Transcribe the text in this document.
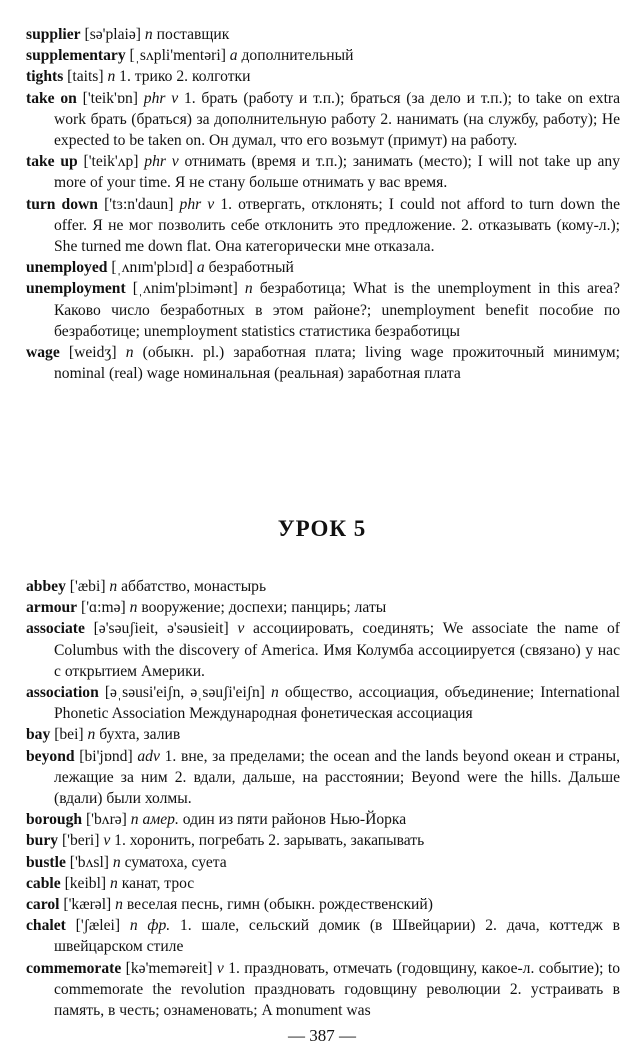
supplier [sə'plaiə] n поставщик

supplementary [ˌsʌpli'mentəri] a дополнительный

tights [taits] n 1. трико 2. колготки

take on ['teik'ɒn] phr v 1. брать (работу и т.п.); браться (за дело и т.п.); to take on extra work брать (браться) за дополнительную работу 2. нанимать (на службу, работу); He expected to be taken on. Он думал, что его возьмут (примут) на работу.

take up ['teik'ʌp] phr v отнимать (время и т.п.); занимать (место); I will not take up any more of your time. Я не стану больше отнимать у вас время.

turn down ['tɜ:n'daun] phr v 1. отвергать, отклонять; I could not afford to turn down the offer. Я не мог позволить себе отклонить это предложение. 2. отказывать (кому-л.); She turned me down flat. Она категорически мне отказала.

unemployed [ˌʌnɪm'plɔɪd] a безработный

unemployment [ˌʌnim'plɔimənt] n безработица; What is the unemployment in this area? Каково число безработных в этом районе?; unemployment benefit пособие по безработице; unemployment statistics статистика безработицы

wage [weidʒ] n (обыкн. pl.) заработная плата; living wage прожиточный минимум; nominal (real) wage номинальная (реальная) заработная плата

УРОК 5

abbey ['æbi] n аббатство, монастырь

armour ['ɑ:mə] n вооружение; доспехи; панцирь; латы

associate [ə'səuʃieit, ə'səusieit] v ассоциировать, соединять; We associate the name of Columbus with the discovery of America. Имя Колумба ассоциируется (связано) у нас с открытием Америки.

association [əˌsəusi'eiʃn, əˌsəuʃi'eiʃn] n общество, ассоциация, объединение; International Phonetic Association Международная фонетическая ассоциация

bay [bei] n бухта, залив

beyond [bi'jɒnd] adv 1. вне, за пределами; the ocean and the lands beyond океан и страны, лежащие за ним 2. вдали, дальше, на расстоянии; Beyond were the hills. Дальше (вдали) были холмы.

borough ['bʌrə] n амер. один из пяти районов Нью-Йорка

bury ['beri] v 1. хоронить, погребать 2. зарывать, закапывать

bustle ['bʌsl] n суматоха, суета

cable [keibl] n канат, трос

carol ['kærəl] n веселая песнь, гимн (обыкн. рождественский)

chalet ['ʃælei] n фр. 1. шале, сельский домик (в Швейцарии) 2. дача, коттедж в швейцарском стиле

commemorate [kə'meməreit] v 1. праздновать, отмечать (годовщину, какое-л. событие); to commemorate the revolution праздновать годовщину революции 2. устраивать в память, в честь; ознаменовать; A monument was

— 387 —
